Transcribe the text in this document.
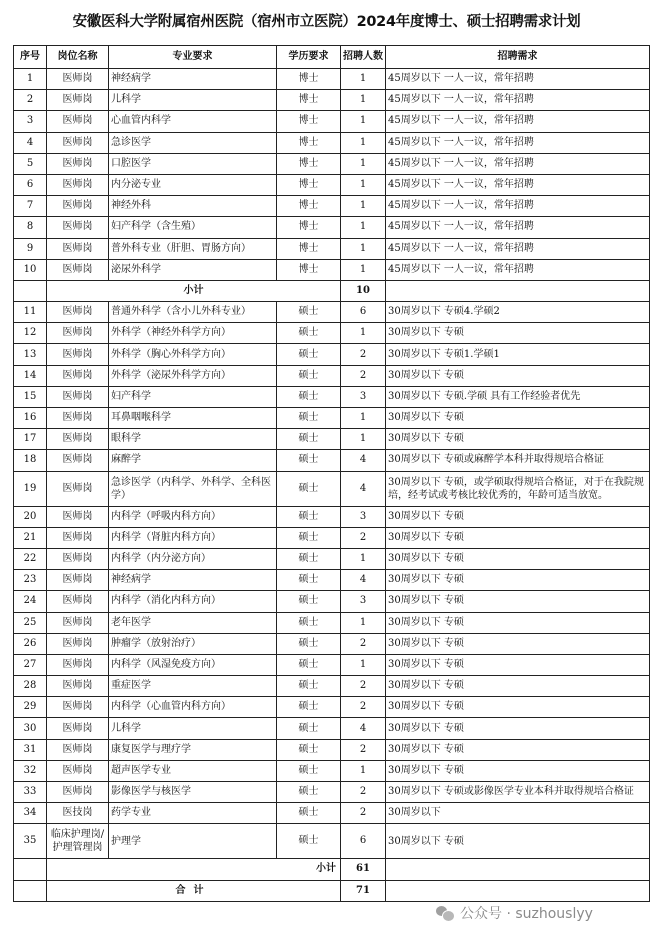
安徽医科大学附属宿州医院（宿州市立医院）2024年度博士、硕士招聘需求计划
序号	岗位名称	专业要求	学历要求	招聘人数	招聘需求
1	医师岗	神经病学	博士	1	45周岁以下 一人一议，常年招聘
2	医师岗	儿科学	博士	1	45周岁以下 一人一议，常年招聘
3	医师岗	心血管内科学	博士	1	45周岁以下 一人一议，常年招聘
4	医师岗	急诊医学	博士	1	45周岁以下 一人一议，常年招聘
5	医师岗	口腔医学	博士	1	45周岁以下 一人一议，常年招聘
6	医师岗	内分泌专业	博士	1	45周岁以下 一人一议，常年招聘
7	医师岗	神经外科	博士	1	45周岁以下 一人一议，常年招聘
8	医师岗	妇产科学（含生殖）	博士	1	45周岁以下 一人一议，常年招聘
9	医师岗	普外科专业（肝胆、胃肠方向）	博士	1	45周岁以下 一人一议，常年招聘
10	医师岗	泌尿外科学	博士	1	45周岁以下 一人一议，常年招聘
	小计			10	
11	医师岗	普通外科学（含小儿外科专业）	硕士	6	30周岁以下 专硕4.学硕2
12	医师岗	外科学（神经外科学方向）	硕士	1	30周岁以下 专硕
13	医师岗	外科学（胸心外科学方向）	硕士	2	30周岁以下 专硕1.学硕1
14	医师岗	外科学（泌尿外科学方向）	硕士	2	30周岁以下 专硕
15	医师岗	妇产科学	硕士	3	30周岁以下 专硕.学硕 具有工作经验者优先
16	医师岗	耳鼻咽喉科学	硕士	1	30周岁以下 专硕
17	医师岗	眼科学	硕士	1	30周岁以下 专硕
18	医师岗	麻醉学	硕士	4	30周岁以下 专硕或麻醉学本科并取得规培合格证
19	医师岗	急诊医学（内科学、外科学、全科医学）	硕士	4	30周岁以下 专硕，或学硕取得规培合格证，对于在我院规培，经考试或考核比较优秀的，年龄可适当放宽。
20	医师岗	内科学（呼吸内科方向）	硕士	3	30周岁以下 专硕
21	医师岗	内科学（肾脏内科方向）	硕士	2	30周岁以下 专硕
22	医师岗	内科学（内分泌方向）	硕士	1	30周岁以下 专硕
23	医师岗	神经病学	硕士	4	30周岁以下 专硕
24	医师岗	内科学（消化内科方向）	硕士	3	30周岁以下 专硕
25	医师岗	老年医学	硕士	1	30周岁以下 专硕
26	医师岗	肿瘤学（放射治疗）	硕士	2	30周岁以下 专硕
27	医师岗	内科学（风湿免疫方向）	硕士	1	30周岁以下 专硕
28	医师岗	重症医学	硕士	2	30周岁以下 专硕
29	医师岗	内科学（心血管内科方向）	硕士	2	30周岁以下 专硕
30	医师岗	儿科学	硕士	4	30周岁以下 专硕
31	医师岗	康复医学与理疗学	硕士	2	30周岁以下 专硕
32	医师岗	超声医学专业	硕士	1	30周岁以下 专硕
33	医师岗	影像医学与核医学	硕士	2	30周岁以下 专硕或影像医学专业本科并取得规培合格证
34	医技岗	药学专业	硕士	2	30周岁以下
35	临床护理岗/护理管理岗	护理学	硕士	6	30周岁以下 专硕
	小计			61	
	合计			71	
公众号 · suzhouslyy
